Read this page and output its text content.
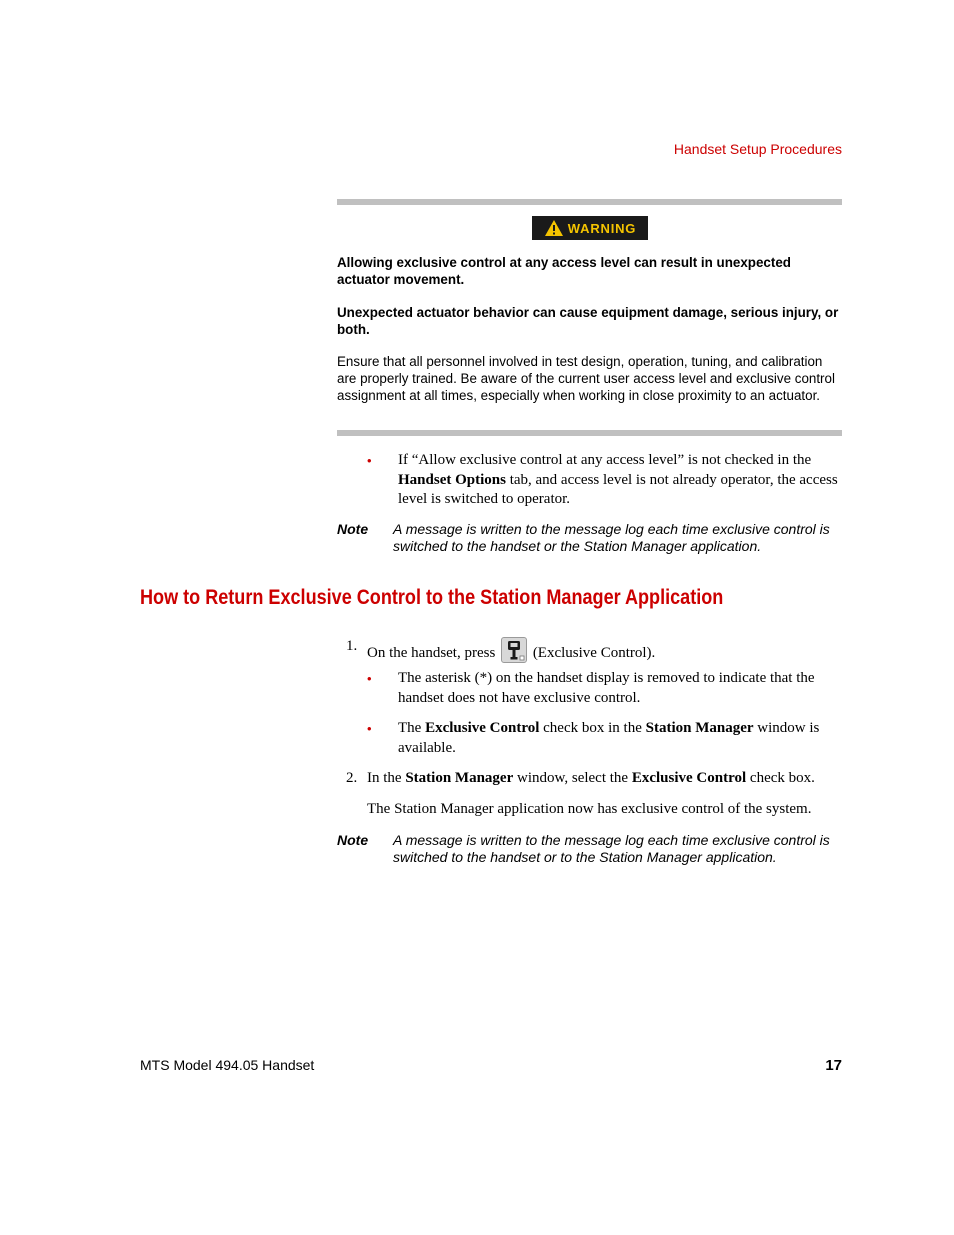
Handset Setup Procedures
WARNING
Allowing exclusive control at any access level can result in unexpected actuator movement.
Unexpected actuator behavior can cause equipment damage, serious injury, or both.
Ensure that all personnel involved in test design, operation, tuning, and calibration are properly trained. Be aware of the current user access level and exclusive control assignment at all times, especially when working in close proximity to an actuator.
• If “Allow exclusive control at any access level” is not checked in the Handset Options tab, and access level is not already operator, the access level is switched to operator.
Note A message is written to the message log each time exclusive control is switched to the handset or the Station Manager application.
How to Return Exclusive Control to the Station Manager Application
1. On the handset, press	(Exclusive Control).
• The asterisk (*) on the handset display is removed to indicate that the handset does not have exclusive control.
• The Exclusive Control check box in the Station Manager window is available.
2. In the Station Manager window, select the Exclusive Control check box.
The Station Manager application now has exclusive control of the system.
Note A message is written to the message log each time exclusive control is switched to the handset or to the Station Manager application.
MTS Model 494.05 Handset	17
